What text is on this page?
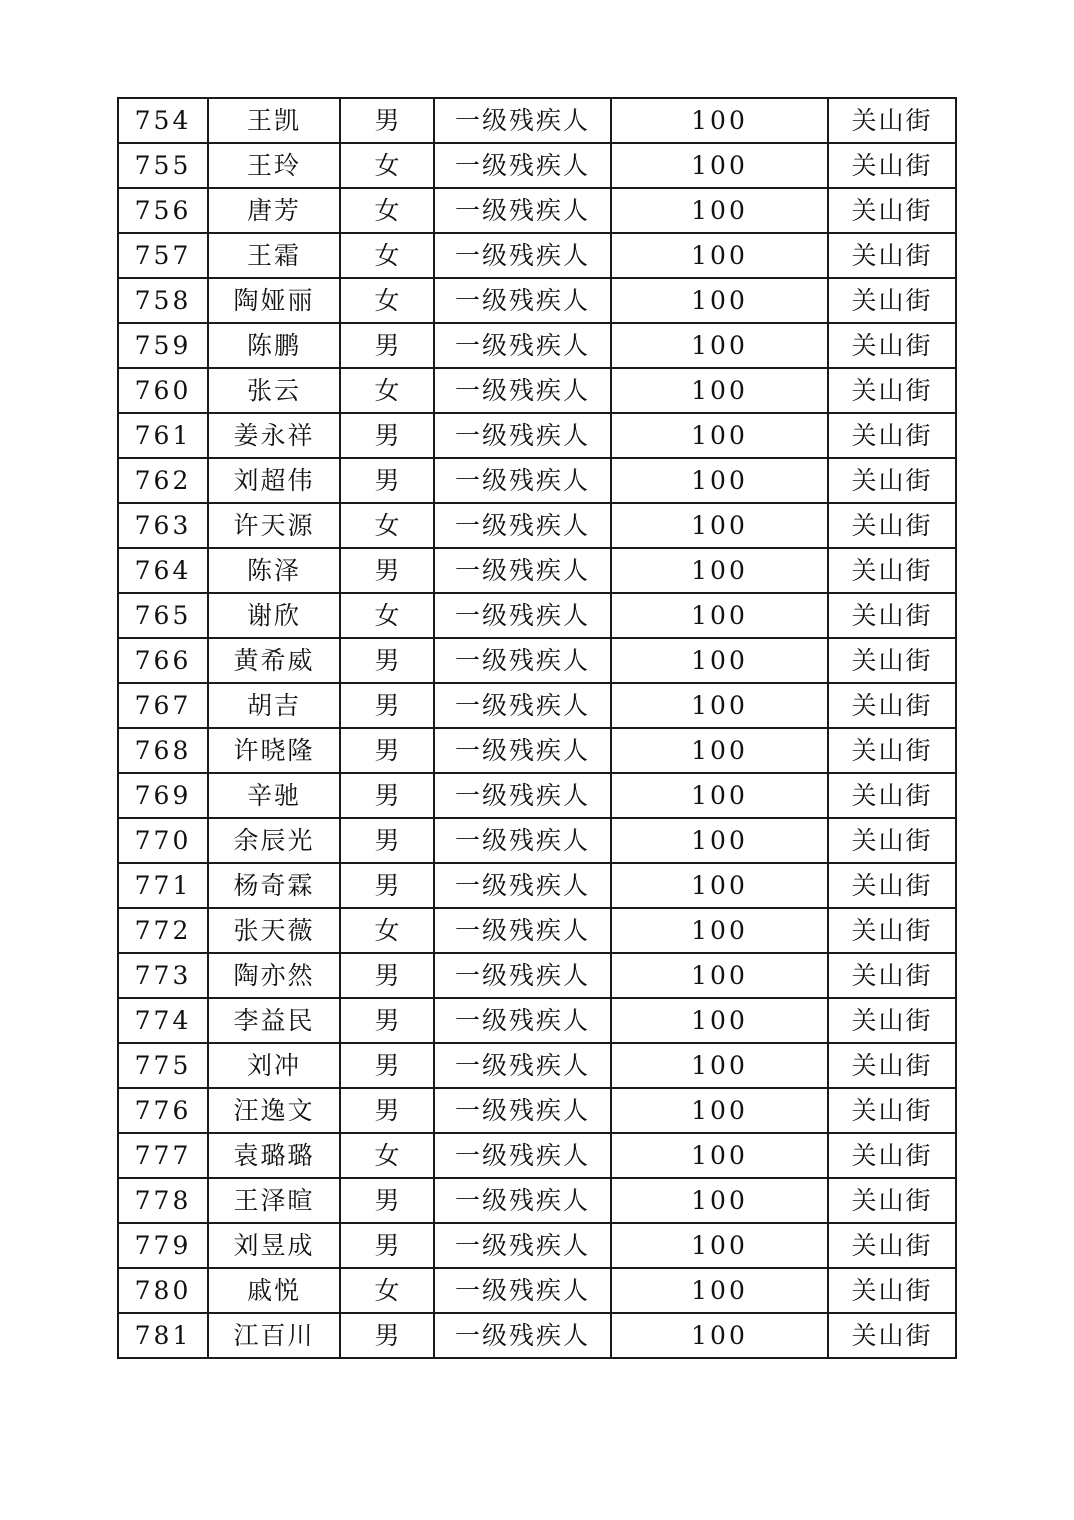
754	王凯	男	一级残疾人	100	关山街
755	王玲	女	一级残疾人	100	关山街
756	唐芳	女	一级残疾人	100	关山街
757	王霜	女	一级残疾人	100	关山街
758	陶娅丽	女	一级残疾人	100	关山街
759	陈鹏	男	一级残疾人	100	关山街
760	张云	女	一级残疾人	100	关山街
761	姜永祥	男	一级残疾人	100	关山街
762	刘超伟	男	一级残疾人	100	关山街
763	许天源	女	一级残疾人	100	关山街
764	陈泽	男	一级残疾人	100	关山街
765	谢欣	女	一级残疾人	100	关山街
766	黄希威	男	一级残疾人	100	关山街
767	胡吉	男	一级残疾人	100	关山街
768	许晓隆	男	一级残疾人	100	关山街
769	辛驰	男	一级残疾人	100	关山街
770	余辰光	男	一级残疾人	100	关山街
771	杨奇霖	男	一级残疾人	100	关山街
772	张天薇	女	一级残疾人	100	关山街
773	陶亦然	男	一级残疾人	100	关山街
774	李益民	男	一级残疾人	100	关山街
775	刘冲	男	一级残疾人	100	关山街
776	汪逸文	男	一级残疾人	100	关山街
777	袁璐璐	女	一级残疾人	100	关山街
778	王泽暄	男	一级残疾人	100	关山街
779	刘昱成	男	一级残疾人	100	关山街
780	戚悦	女	一级残疾人	100	关山街
781	江百川	男	一级残疾人	100	关山街
